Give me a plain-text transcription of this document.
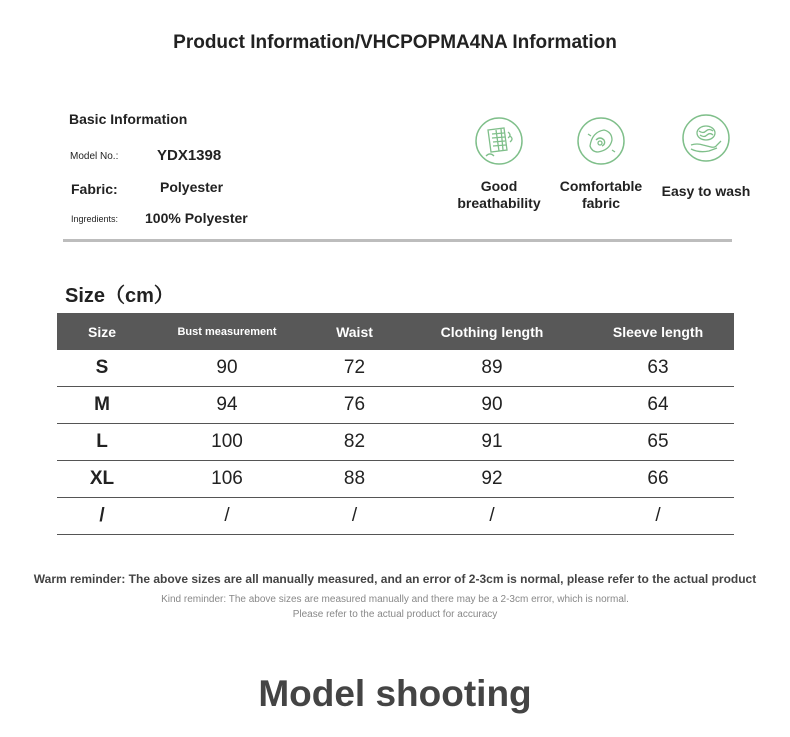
Product Information/VHCPOPMA4NA Information
Basic Information
Model No.:	YDX1398
Fabric:	Polyester
Ingredients: 100% Polyester
Good
breathability
Comfortable
fabric
Easy to wash
Size（cm）
Size	Bust measurement	Waist	Clothing length	Sleeve length
S	90	72	89	63
M	94	76	90	64
L	100	82	91	65
XL	106	88	92	66
/	/	/	/	/
Warm reminder: The above sizes are all manually measured, and an error of 2-3cm is normal, please refer to the actual product
Kind reminder: The above sizes are measured manually and there may be a 2-3cm error, which is normal.
Please refer to the actual product for accuracy
Model shooting
